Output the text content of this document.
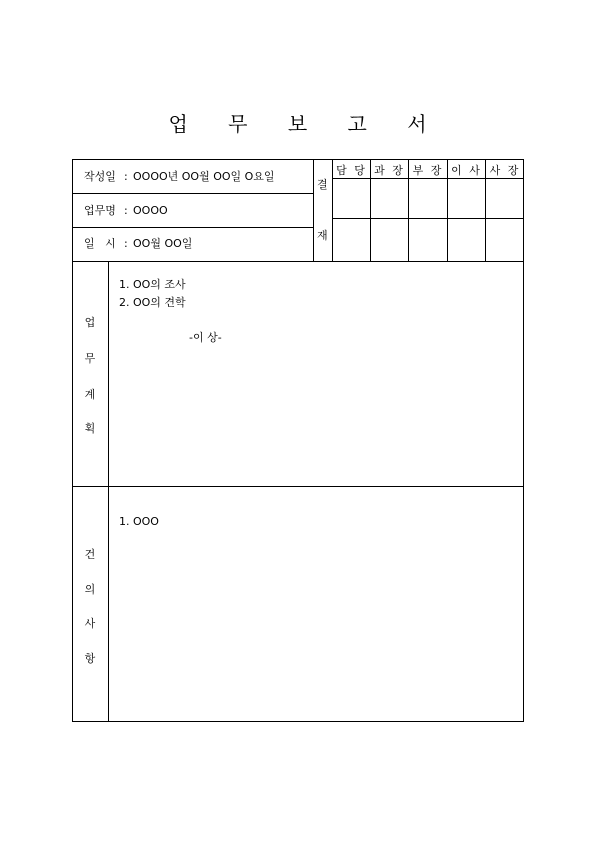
업 무 보 고 서
작성일 : OOOO년 OO월 OO일 O요일
업무명 : OOOO
일   시 : OO월 OO일
결
재
담 당 과 장 부 장 이 사 사 장
업
무
계
획
1. OO의 조사
2. OO의 견학
-이 상-
건
의
사
항
1. OOO
